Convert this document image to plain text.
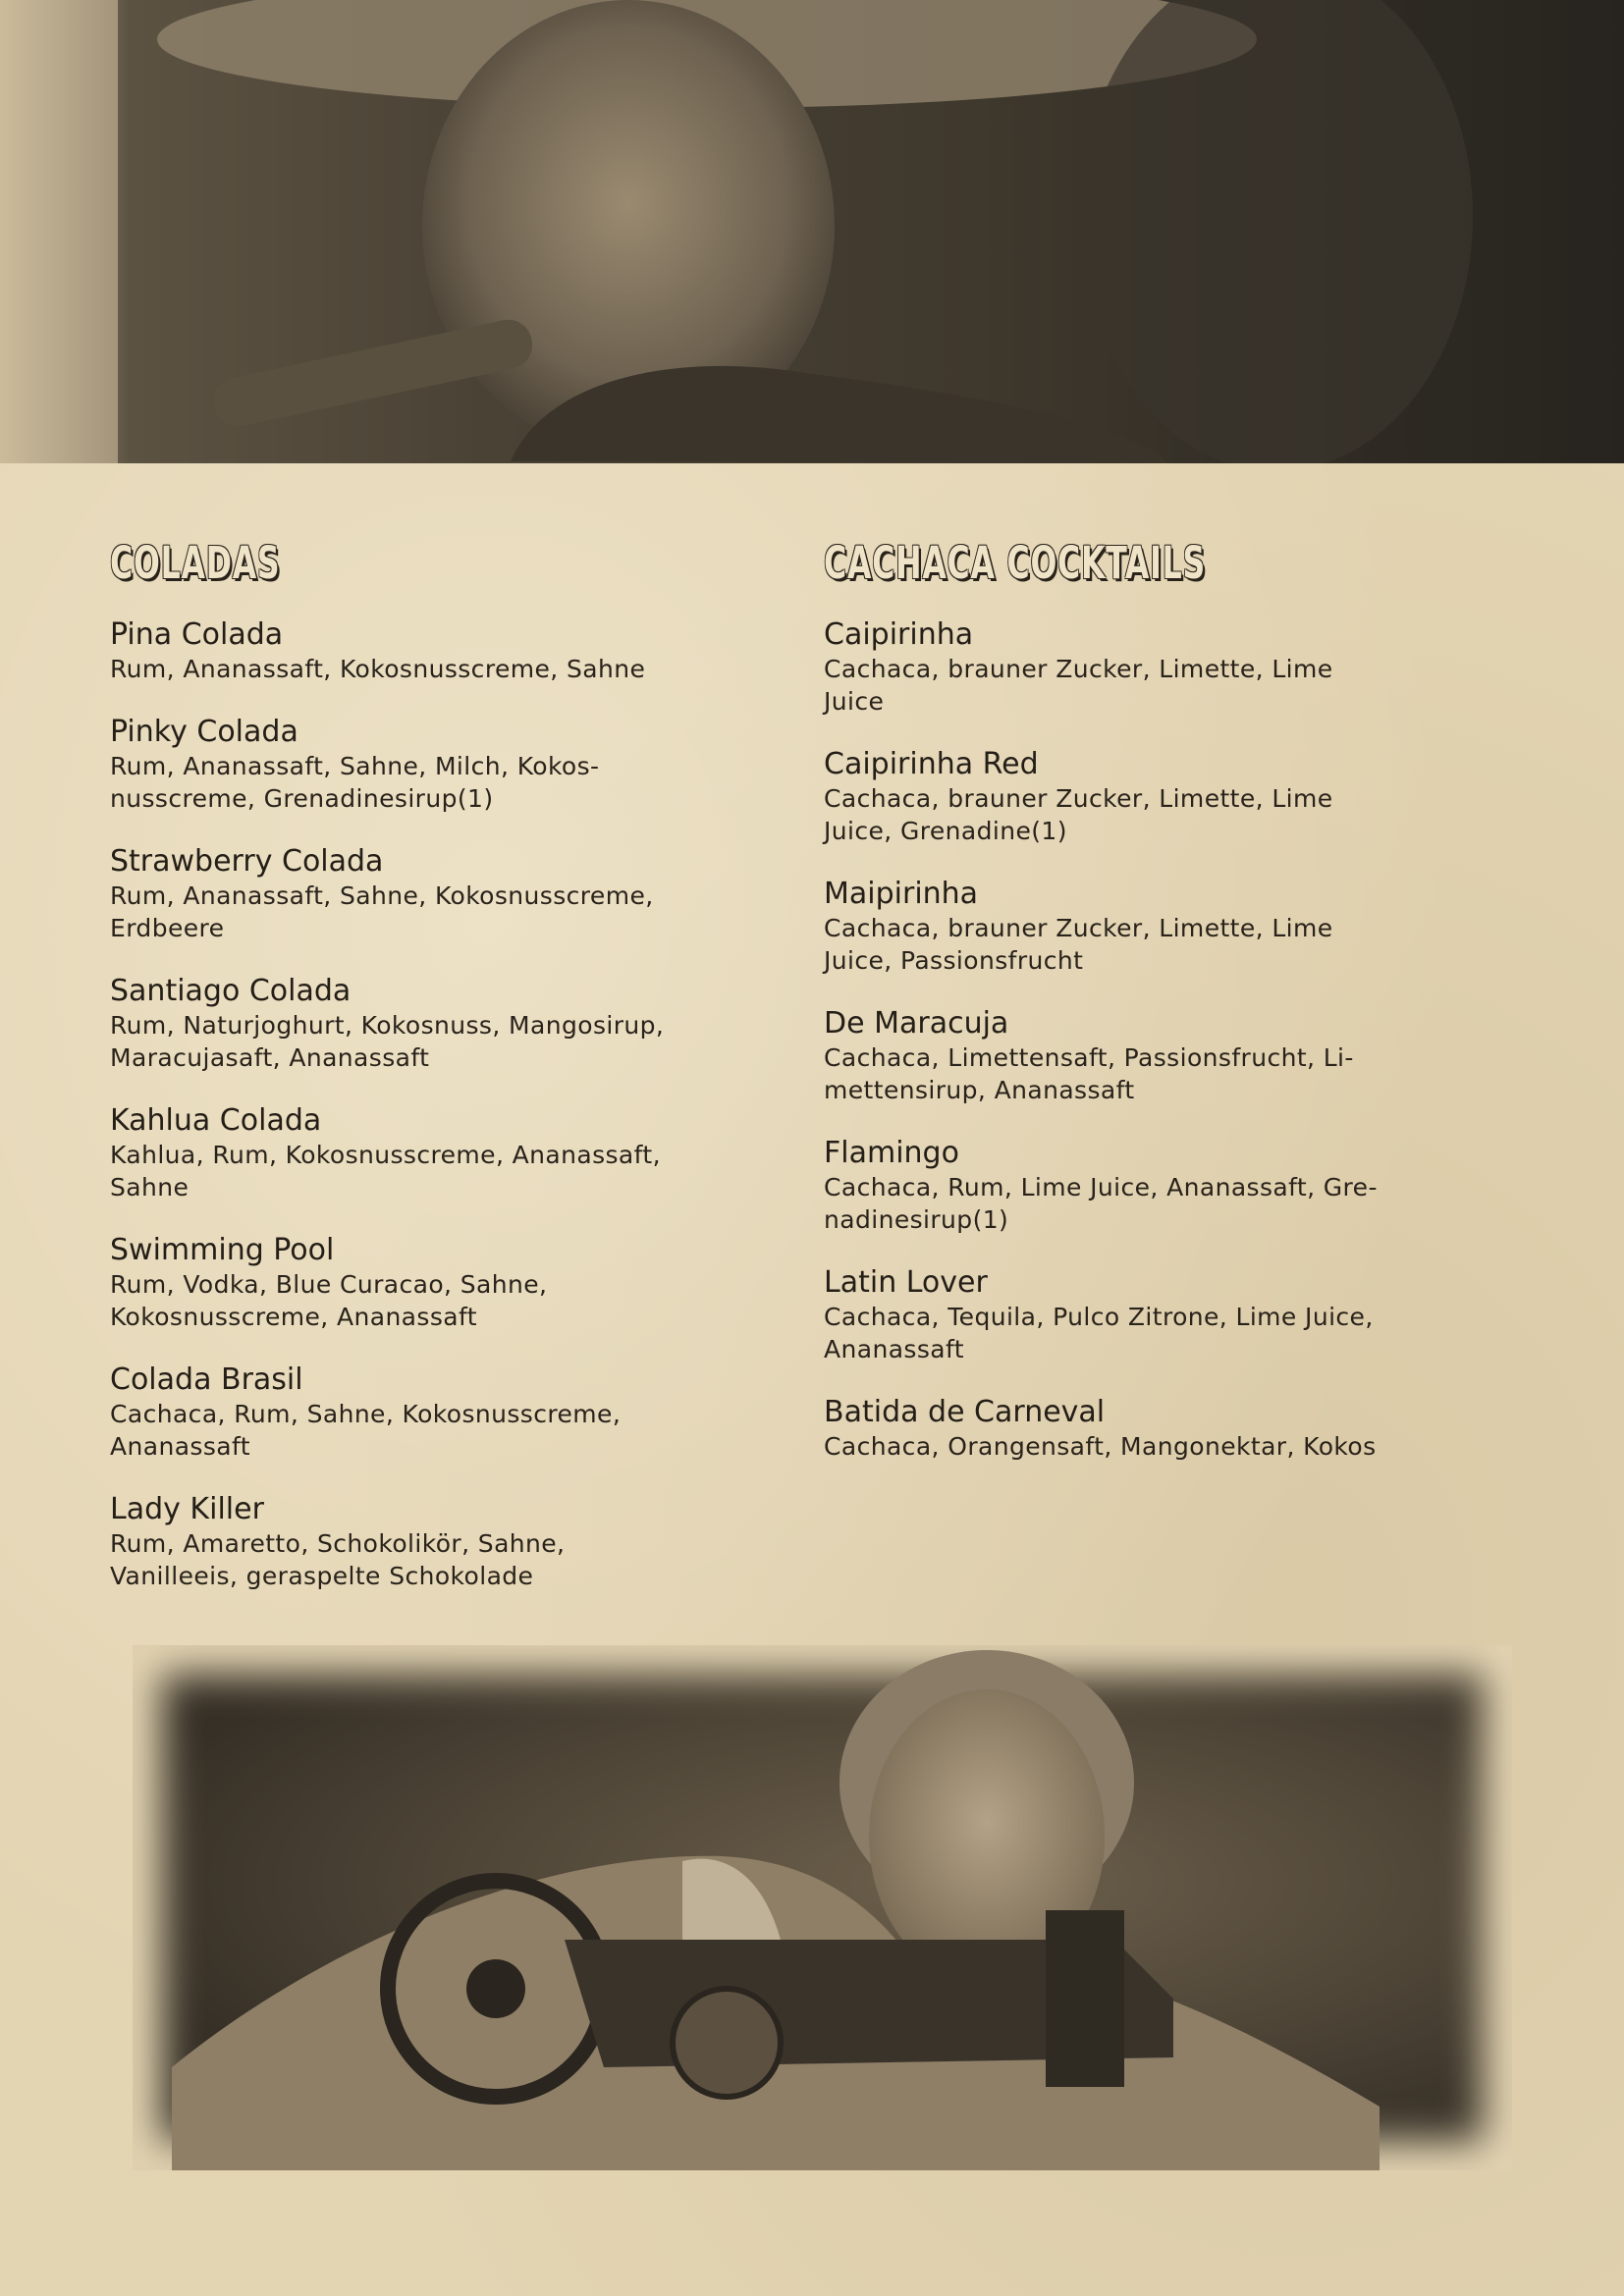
COLADAS

Pina Colada

Rum, Ananassaft, Kokosnusscreme, Sahne

Pinky Colada

Rum, Ananassaft, Sahne, Milch, Kokos-
nusscreme, Grenadinesirup(1)

Strawberry Colada

Rum, Ananassaft, Sahne, Kokosnusscreme,
Erdbeere

Santiago Colada

Rum, Naturjoghurt, Kokosnuss, Mangosirup,
Maracujasaft, Ananassaft

Kahlua Colada

Kahlua, Rum, Kokosnusscreme, Ananassaft,
Sahne

Swimming Pool

Rum, Vodka, Blue Curacao, Sahne,
Kokosnusscreme, Ananassaft

Colada Brasil

Cachaca, Rum, Sahne, Kokosnusscreme,
Ananassaft

Lady Killer

Rum, Amaretto, Schokolikör, Sahne,
Vanilleeis, geraspelte Schokolade

CACHACA COCKTAILS

Caipirinha

Cachaca, brauner Zucker, Limette, Lime
Juice

Caipirinha Red

Cachaca, brauner Zucker, Limette, Lime
Juice, Grenadine(1)

Maipirinha

Cachaca, brauner Zucker, Limette, Lime
Juice, Passionsfrucht

De Maracuja

Cachaca, Limettensaft, Passionsfrucht, Li-
mettensirup, Ananassaft

Flamingo

Cachaca, Rum, Lime Juice, Ananassaft, Gre-
nadinesirup(1)

Latin Lover

Cachaca, Tequila, Pulco Zitrone, Lime Juice,
Ananassaft

Batida de Carneval

Cachaca, Orangensaft, Mangonektar, Kokos
